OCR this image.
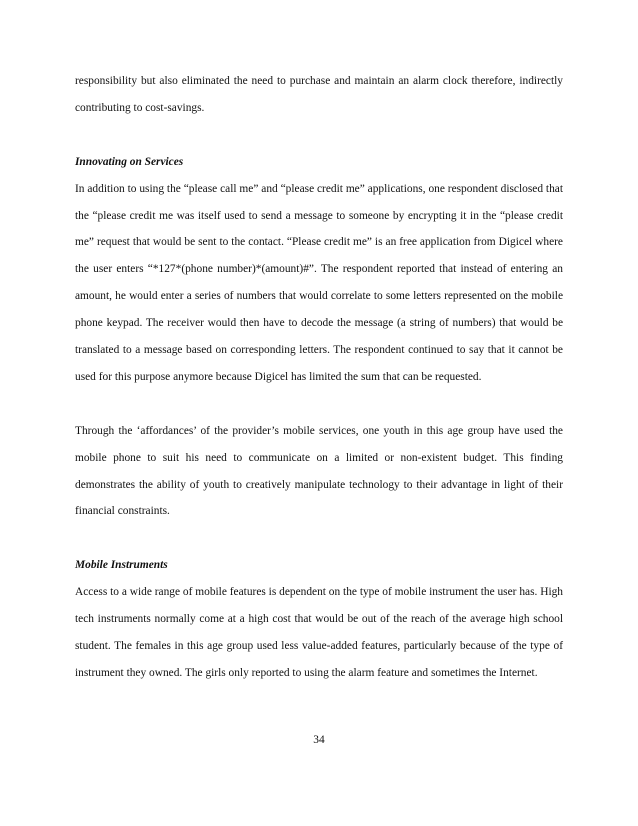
responsibility but also eliminated the need to purchase and maintain an alarm clock therefore, indirectly contributing to cost-savings.

Innovating on Services

In addition to using the “please call me” and “please credit me” applications, one respondent disclosed that the “please credit me was itself used to send a message to someone by encrypting it in the “please credit me” request that would be sent to the contact. “Please credit me” is an free application from Digicel where the user enters “*127*(phone number)*(amount)#”. The respondent reported that instead of entering an amount, he would enter a series of numbers that would correlate to some letters represented on the mobile phone keypad. The receiver would then have to decode the message (a string of numbers) that would be translated to a message based on corresponding letters. The respondent continued to say that it cannot be used for this purpose anymore because Digicel has limited the sum that can be requested.

Through the ‘affordances’ of the provider’s mobile services, one youth in this age group have used the mobile phone to suit his need to communicate on a limited or non-existent budget. This finding demonstrates the ability of youth to creatively manipulate technology to their advantage in light of their financial constraints.

Mobile Instruments

Access to a wide range of mobile features is dependent on the type of mobile instrument the user has. High tech instruments normally come at a high cost that would be out of the reach of the average high school student. The females in this age group used less value-added features, particularly because of the type of instrument they owned. The girls only reported to using the alarm feature and sometimes the Internet.

34
